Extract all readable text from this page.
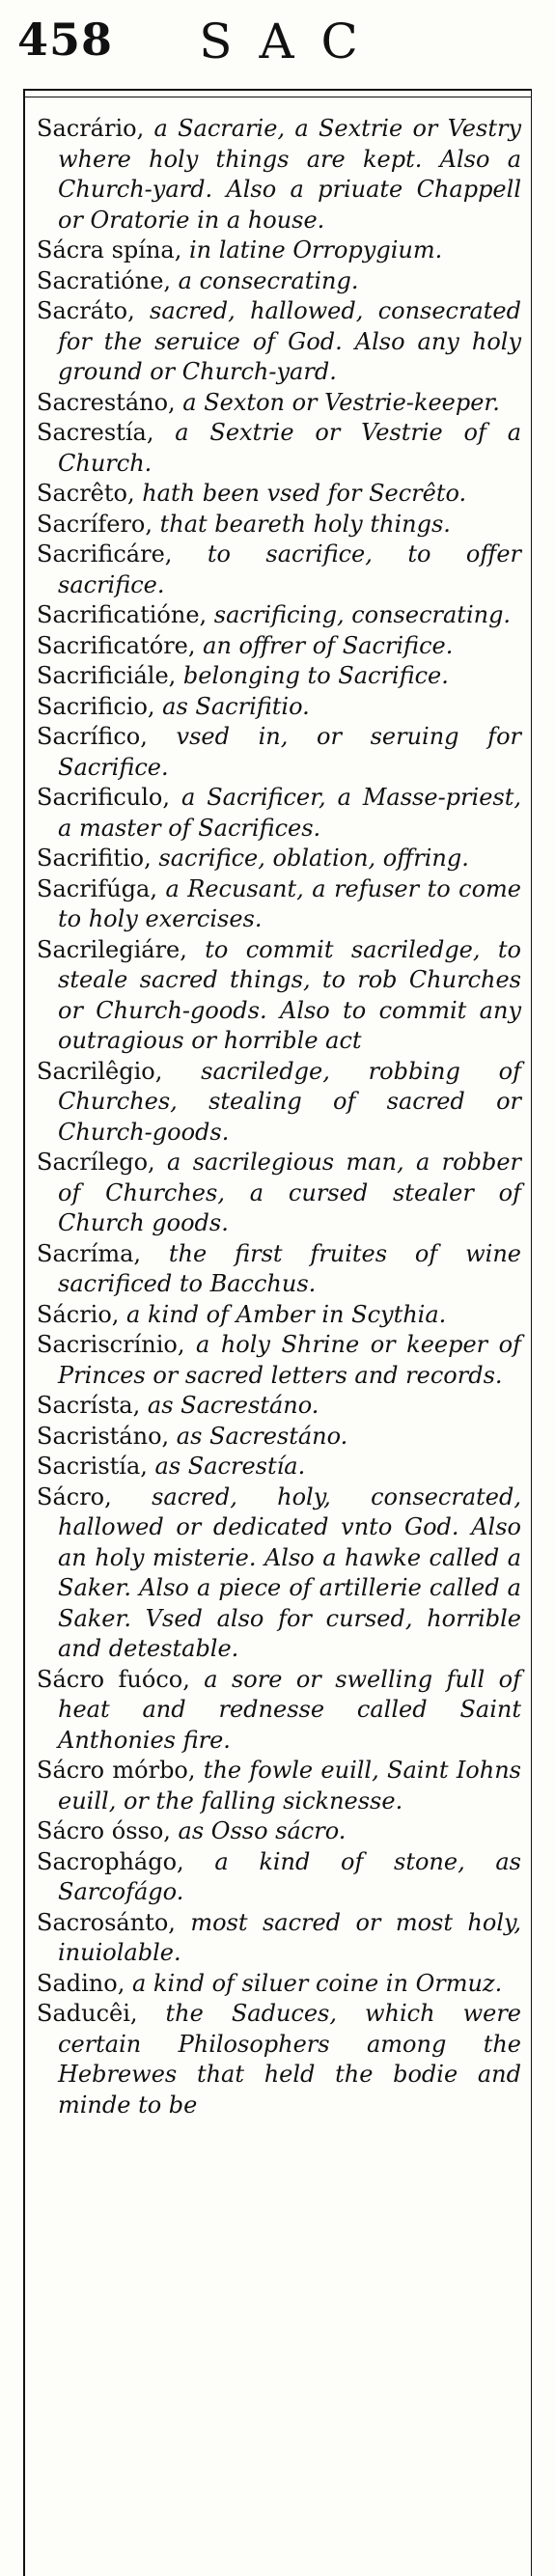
458	SAC

Sacrário, a Sacrarie, a Sextrie or Vestry where holy things are kept. Also a Church-yard. Also a priuate Chappell or Oratorie in a house.

Sácra spína, in latine Orropygium.

Sacratióne, a consecrating.

Sacráto, sacred, hallowed, consecrated for the seruice of God. Also any holy ground or Church-yard.

Sacrestáno, a Sexton or Vestrie-keeper.

Sacrestía, a Sextrie or Vestrie of a Church.

Sacrêto, hath been vsed for Secrêto.

Sacrífero, that beareth holy things.

Sacrificáre, to sacrifice, to offer sacrifice.

Sacrificatióne, sacrificing, consecrating.

Sacrificatóre, an offrer of Sacrifice.

Sacrificiále, belonging to Sacrifice.

Sacrificio, as Sacrifitio.

Sacrífico, vsed in, or seruing for Sacrifice.

Sacrificulo, a Sacrificer, a Masse-priest, a master of Sacrifices.

Sacrifitio, sacrifice, oblation, offring.

Sacrifúga, a Recusant, a refuser to come to holy exercises.

Sacrilegiáre, to commit sacriledge, to steale sacred things, to rob Churches or Church-goods. Also to commit any outragious or horrible act

Sacrilêgio, sacriledge, robbing of Churches, stealing of sacred or Church-goods.

Sacrílego, a sacrilegious man, a robber of Churches, a cursed stealer of Church goods.

Sacríma, the first fruites of wine sacrificed to Bacchus.

Sácrio, a kind of Amber in Scythia.

Sacriscrínio, a holy Shrine or keeper of Princes or sacred letters and records.

Sacrísta, as Sacrestáno.

Sacristáno, as Sacrestáno.

Sacristía, as Sacrestía.

Sácro, sacred, holy, consecrated, hallowed or dedicated vnto God. Also an holy misterie. Also a hawke called a Saker. Also a piece of artillerie called a Saker. Vsed also for cursed, horrible and detestable.

Sácro fuóco, a sore or swelling full of heat and rednesse called Saint Anthonies fire.

Sácro mórbo, the fowle euill, Saint Iohns euill, or the falling sicknesse.

Sácro ósso, as Osso sácro.

Sacrophágo, a kind of stone, as Sarcofágo.

Sacrosánto, most sacred or most holy, inuiolable.

Sadino, a kind of siluer coine in Ormuz.

Saducêi, the Saduces, which were certain Philosophers among the Hebrewes that held the bodie and minde to be
